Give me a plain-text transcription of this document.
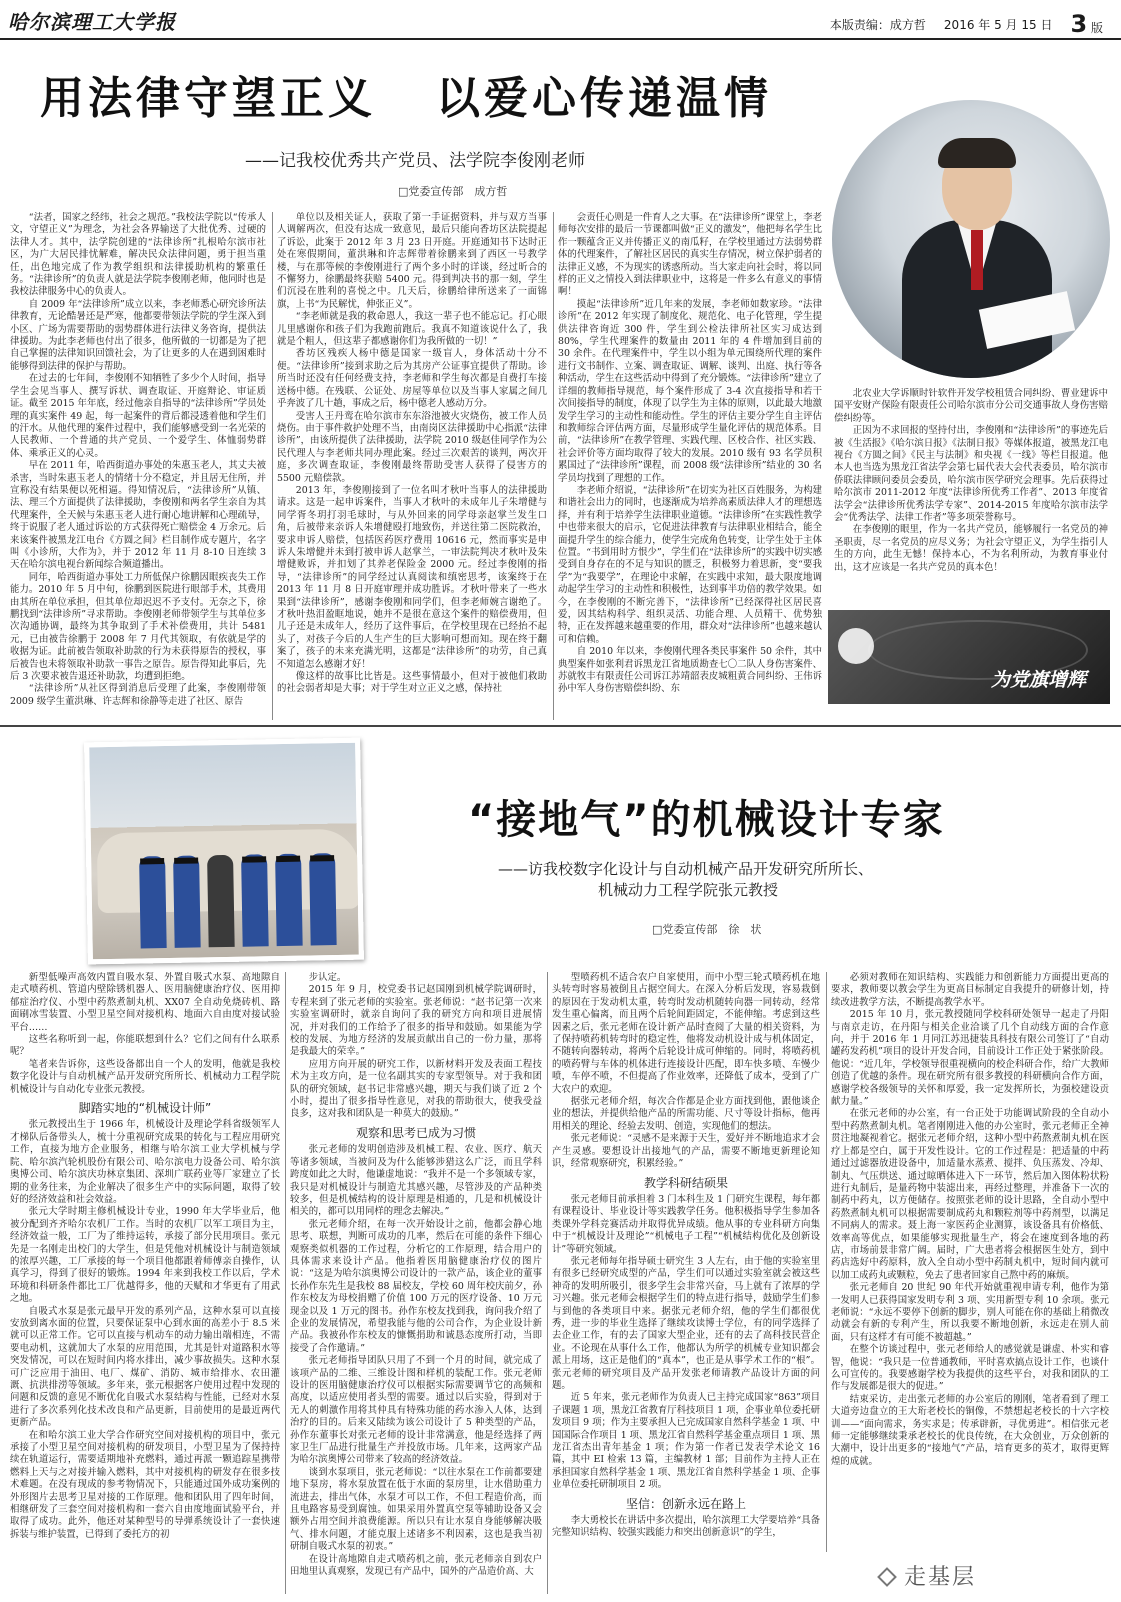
哈尔滨理工大学报	本版责编：成方哲 2016 年 5 月 15 日 3 版
用法律守望正义 以爱心传递温情
——记我校优秀共产党员、法学院李俊刚老师
□党委宣传部　成方哲

“法者，国家之经纬，社会之规范。”我校法学院以“传承人文，守望正义”为理念，为社会各界输送了大批优秀、过硬的法律人才。其中，法学院创建的“法律诊所”扎根哈尔滨市社区，为广大居民排忧解难，解决民众法律问题，勇于担当重任，出色地完成了作为教学组织和法律援助机构的繁重任务。“法律诊所”的负责人就是法学院李俊刚老师，他同时也是我校法律服务中心的负责人。

自 2009 年“法律诊所”成立以来，李老师悉心研究诊所法律教育，无论酷暑还是严寒，他都要带领法学院的学生深入到小区、广场为需要帮助的弱势群体进行法律义务咨询，提供法律援助。为此李老师也付出了很多，他所做的一切都是为了把自己掌握的法律知识回馈社会，为了让更多的人在遇到困难时能够得到法律的保护与帮助。

在过去的七年间，李俊刚不知牺牲了多少个人时间，指导学生会见当事人、撰写诉状、调查取证、开庭辩论、审证质证。截至 2015 年年底，经过他亲自指导的“法律诊所”学员处理的真实案件 49 起，每一起案件的背后都浸透着他和学生们的汗水。从他代理的案件过程中，我们能够感受到一名光荣的人民教师、一个普通的共产党员、一个爱学生、体恤弱势群体、乘承正义的心灵。

早在 2011 年，哈西街道办事处的朱惠玉老人，其丈夫被杀害，当时朱惠玉老人的情绪十分不稳定，并且居无住所，并宣称没有结果便以死相逼。得知情况后，“法律诊所”从镇、法、理三个方面提供了法律援助，李俊刚和两名学生亲自为其代理案件，全天候与朱惠玉老人进行耐心地讲解和心理疏导，终于说服了老人通过诉讼的方式获得死亡赔偿金 4 万余元。后来该案件被黑龙江电台《方圆之间》栏目制作成专题片，名字叫《小诊所，大作为》，并于 2012 年 11 月 8-10 日连续 3 天在哈尔滨电视台新闻综合频道播出。

同年，哈西街道办事处工力所低保户徐鹏因眼疾丧失工作能力。2010 年 5 月中旬，徐鹏到医院进行眼部手术，其费用由其所在单位承担，但其单位却迟迟不予支付。无奈之下，徐鹏找到“法律诊所”寻求帮助。李俊刚老师带领学生与其单位多次沟通协调，最终为其争取到了手术补偿费用，共计 5481 元，已由被告徐鹏于 2008 年 7 月代其领取，有依就是学的收据为证。此前被告领取补助款的行为未获得原告的授权，事后被告也未将领取补助款一事告之原告。原告得知此事后，先后 3 次要求被告退还补助款，均遭到拒绝。

“法律诊所”从社区得到消息后受理了此案，李俊刚带领 2009 级学生董洪琳、许志辉和徐静等走进了社区、原告

单位以及相关证人，获取了第一手证据资料，并与双方当事人调解两次，但没有达成一致意见，最后只能向香坊区法院提起了诉讼，此案于 2012 年 3 月 23 日开庭。开庭通知书下达时正处在寒假期间，董洪琳和许志辉带着徐鹏来到了西区一号教学楼，与在那等候的李俊刚进行了两个多小时的详谈，经过昕合的不懈努力，徐鹏最终获赔 5400 元。得到判决书的那一刻，学生们沉浸在胜利的喜悦之中。几天后，徐鹏给律所送来了一面锦旗，上书“为民解忧，伸张正义”。

“李老师就是我的救命恩人，我这一辈子也不能忘记。打心眼儿里感谢你和孩子们为我跑前跑后。我真不知道该说什么了，我就是个粗人，但这辈子都感谢你们为我所做的一切！”

香坊区残疾人杨中德是国家一级盲人，身体活动十分不便。“法律诊所”接到求助之后为其房产公证事宜提供了帮助。诊所当时还没有任何经费支持，李老师和学生每次都是自费打车接送杨中德。在残联、公证处、房屋等单位以及当事人家属之间几乎奔波了几十趟，事成之后，杨中德老人感动万分。

受害人王丹鸾在哈尔滨市东东浴池被火灾烧伤，被工作人员烧伤。由于事件救护处理不当，由南岗区法律援助中心指派“法律诊所”，由该所提供了法律援助，法学院 2010 级赵佳同学作为公民代理人与李老师共同办理此案。经过三次艰苦的谈判，两次开庭，多次调查取证，李俊刚最终帮助受害人获得了侵害方的 5500 元赔偿款。

2013 年，李俊刚接到了一位名叫才秋叶当事人的法律援助请求。这是一起申诉案件，当事人才秋叶的未成年儿子朱增健与同学胥冬玥打羽毛球时，与从外回来的同学母亲赵掌兰发生口角，后被带来亲诉人朱增健殴打地致伤，并送往第二医院救治，要求申诉人赔偿，包括医药医疗费用 10616 元，然而事实是申诉人朱增健并未到打被申诉人赵掌兰，一审法院判决才秋叶及朱增健败诉，并扣划了其养老保险金 2000 元。经过李俊刚的指导，“法律诊所”的同学经过认真阅读和缜密思考，该案终于在 2013 年 11 月 8 日开庭审理并成功胜诉。才秋叶带来了一些水果到“法律诊所”，感谢李俊刚和同学们，但李老师婉言谢绝了。才秋叶热泪盈眶地说，她并不是很在意这个案件的赔偿费用，但儿子还是未成年人，经历了这件事后，在学校里现在已经抬不起头了，对孩子今后的人生产生的巨大影响可想而知。现在终于翻案了，孩子的未来充满光明，这都是“法律诊所”的功劳，自己真不知道怎么感谢才好！

像这样的故事比比皆是。这些事情最小，但对于被他们救助的社会弱者却是大事；对于学生对立正义之感，保持社

会责任心则是一件育人之大事。在“法律诊所”课堂上，李老师每次安排的最后一节课都叫做“正义的激发”，他把每名学生比作一颗蕴含正义并传播正义的南瓜籽，在学校里通过方法弱势群体的代理案件，了解社区居民的真实生存情况，树立保护弱者的法律正义感，不为现实的诱惑所动。当大家走向社会时，将以同样的正义之情投入到法律职业中，这将是一件多么有意义的事情啊！

摸起“法律诊所”近几年来的发展，李老师如数家珍。“法律诊所”在 2012 年实现了制度化、规范化、电子化管理，学生提供法律咨询近 300 件，学生到公检法律所社区实习成达到 80%，学生代理案件的数量由 2011 年的 4 件增加到目前的 30 余件。在代理案件中，学生以小组为单元围绕所代理的案件进行文书制作、立案、调查取证、调解、谈判、出庭、执行等各种活动，学生在这些活动中得到了充分锻炼。“法律诊所”建立了详细的教师指导规范，每个案件形成了 3-4 次直接指导和若干次间接指导的制度，体现了以学生为主体的原则，以此最大地激发学生学习的主动性和能动性。学生的评估主要分学生自主评估和教师综合评估两方面，尽量形成学生量化评估的规范体系。目前，“法律诊所”在教学管理、实践代理、区校合作、社区实践、社会评价等方面均取得了较大的发展。2010 级有 93 名学员积累国过了“法律诊所”课程，而 2008 级“法律诊所”结业的 30 名学员均找到了理想的工作。

李老师介绍说，“法律诊所”在切实为社区百姓服务，为构建和谐社会出力的同时，也逐渐成为培养高素质法律人才的理想选择，并有利于培养学生法律职业道德。“法律诊所”在实践性教学中也带来很大的启示，它促进法律教育与法律职业相结合，能全面提升学生的综合能力，使学生完成角色转变，让学生处于主体位置。“书到用时方恨少”，学生们在“法律诊所”的实践中切实感受到自身存在的不足与知识的匮乏，积极努力着思新，变“要我学”为“我要学”，在理论中求解，在实践中求知，最大限度地调动起学生学习的主动性和积极性，达到事半功倍的教学效果。如今，在李俊刚的不断完善下，“法律诊所”已经深得社区居民喜爱，因其结构科学、组织灵活、功能合理、人员精干、优势独特，正在发挥越来越重要的作用，群众对“法律诊所”也越来越认可和信赖。

自 2010 年以来，李俊刚代理各类民事案件 50 余件，其中典型案件如张利君诉黑龙江省地质勘查七〇二队人身伤害案件、苏就牧丰有限责任公司诉江苏靖韶表皮城粗黄合同纠纷、王伟诉孙中军人身伤害赔偿纠纷、东

北农业大学诉顺时针软件开发学校租赁合同纠纷、曹业建诉中国平安财产保险有限责任公司哈尔滨市分公司交通事故人身伤害赔偿纠纷等。

正因为不求回报的坚持付出，李俊刚和“法律诊所”的事迹先后被《生活报》《哈尔滨日报》《法制日报》等媒体报道，被黑龙江电视台《方圆之间》《民主与法制》和央视《一线》等栏目报道。他本人也当选为黑龙江省法学会第七届代表大会代表委员，哈尔滨市侨联法律顾问委员会委员，哈尔滨市医学研究会理事。先后获得过哈尔滨市 2011-2012 年度“法律诊所优秀工作者”、2013 年度省法学会“法律诊所优秀法学专家”、2014-2015 年度哈尔滨市法学会“优秀法学、法律工作者”等多项荣誉称号。

在李俊刚的眼里，作为一名共产党员，能够履行一名党员的神圣职责，尽一名党员的应尽义务；为社会守望正义，为学生指引人生的方向，此生无憾！保持本心，不为名利所动，为教育事业付出，这才应该是一名共产党员的真本色！

为党旗增辉
“接地气”的机械设计专家
——访我校数字化设计与自动机械产品开发研究所所长、
机械动力工程学院张元教授
□党委宣传部　徐　状

新型低噪声高效内置自吸水泵、外置自吸式水泵、高地隙自走式喷药机、管道内壁除锈机器人、医用脑健康治疗仪、医用抑郁症治疗仪、小型中药熬煮制丸机、XX07 全自动免烧砖机、路面刷冰雪装置、小型卫星空间对接机构、地面六自由度对接试验平台……

这些名称听到一起，你能联想到什么？它们之间有什么联系呢？

笔者来告诉你，这些设备都出自一个人的发明，他就是我校数字化设计与自动机械产品开发研究所所长、机械动力工程学院机械设计与自动化专业张元教授。

脚踏实地的“机械设计师”

张元教授出生于 1966 年，机械设计及理论学科省级领军人才梯队后备带头人，梳十分重视研究成果的转化与工程应用研究工作，直接为地方企业服务，相继与哈尔滨工业大学机械与学院、哈尔滨汽轮机股份有限公司、哈尔滨电力设备公司、哈尔滨奥博公司、哈尔滨庆功林京集团、深圳广联药业等厂家建立了长期的业务往来，为企业解决了很多生产中的实际问题，取得了较好的经济效益和社会效益。

张元大学时期主修机械设计专业，1990 年大学毕业后，他被分配到齐齐哈尔农机厂工作。当时的农机厂以军工项目为主，经济效益一般，工厂为了维持运转，承接了部分民用项目。张元先是一名刚走出校门的大学生，但是凭他对机械设计与制造领域的浓厚兴趣，工厂承接的每一个项目他都跟着师傅亲自操作，认真学习，得到了很好的锻炼。1994 年来到我校工作以后，学术环境和科研条件都比工厂优越得多，他的天赋和才华更有了用武之地。

自吸式水泵是张元最早开发的系列产品，这种水泵可以直接安放到离水面的位置，只要保证泵中心到水面的高差小于 8.5 米就可以正常工作。它可以直接与机动车的动力输出端相连，不需要电动机，这就加大了水泵的应用范围，尤其是针对道路积水等突发情况，可以在短时间内将水排出，减少事故损失。这种水泵可广泛应用于油田、电厂、煤矿、消防、城市给排水、农田灌溉、抗洪排涝等领域。多年来，张元根据客户使用过程中发现的问题和反馈的意见不断优化自吸式水泵结构与性能，已经对水泵进行了多次系列化技术改良和产品更新，目前使用的是最近两代更新产品。

在和哈尔滨工业大学合作研究空间对接机构的项目中，张元承接了小型卫星空间对接机构的研发项目，小型卫星为了保持持续在轨道运行，需要适期地补充燃料，通过再派一颗追踪星携带燃料上天与之对接并输入燃料，其中对接机构的研发存在很多技术难题。在没有现成的参考物情况下，只能通过国外成功案例的外形图片去思考卫星对接的工作原理。他和团队用了四年时间，相继研发了三套空间对接机构和一套六自由度地面试验平台，并取得了成功。此外，他还对某种型号的导弹系统设计了一套快速拆装与维护装置，已得到了委托方的初

步认定。

2015 年 9 月，校党委书记赵国刚到机械学院调研时，专程来到了张元老师的实验室。张老师说：“赵书记第一次来实验室调研时，就亲自询问了我的研究方向和项目进展情况，并对我们的工作给予了很多的指导和鼓励。如果能为学校的发展、为地方经济的发展贡献出自己的一份力量，那将是我最大的荣幸。”

应用方向开展的研究工作，以新材料开发及表面工程技术为主攻方向，是一位名副其实的专家型领导。对于我和团队的研究领域，赵书记非常感兴趣，期天与我们谈了近 2 个小时，提出了很多指导性意见，对我的帮助很大，使我受益良多，这对我和团队是一种莫大的鼓励。”

观察和思考已成为习惯

张元老师的发明创造涉及机械工程、农业、医疗、航天等诸多领域，当被问及为什么能够涉猎这么广泛，而且学科跨度如此之大时，他谦虚地说：“我并不是一个多领域专家，我只是对机械设计与制造尤其感兴趣，尽管涉及的产品种类较多，但是机械结构的设计原理是相通的，几是和机械设计相关的，都可以用同样的理念去解决。”

张元老师介绍，在每一次开始设计之前，他都会静心地思考、联想，判断可成功的几率，然后在可能的条件下细心观察类似机器的工作过程，分析它的工作原理，结合用户的具体需求来设计产品。他指着医用脑健康治疗仪的图片说：“这是为哈尔滨奥博公司设计的一款产品，该企业的董事长孙作东先生是我校 88 届校友，学校 60 周年校庆前夕，孙作东校友为母校捐赠了价值 100 万元的医疗设备、10 万元现金以及 1 万元的图书。孙作东校友找到我，询问我介绍了企业的发展情况，希望我能与他的公司合作，为企业设计新产品。我被孙作东校友的慷慨捐助和诚恳态度所打动，当即接受了合作邀请。”

张元老师指导团队只用了不到一个月的时间，就完成了该项产品的二维、三维设计图和样机的装配工作。张元老师设计的医用脑健康治疗仪可以根据实际需要调节它的高频和高度，以适应使用者头型的需要。通过以后实验，得到对于无人的刺激作用将其仲具有特殊功能的药水渗入人体，达到治疗的目的。后来又陆续为该公司设计了 5 种类型的产品，孙作东董事长对张元老师的设计非常满意，他是经选择了两家卫生厂品进行批量生产并投放市场。几年来，这两家产品为哈尔滨奥博公司带来了较高的经济效益。

谈到水泵项目，张元老师说：“以往水泵在工作前都要建地下泵房，将水泵放置在低于水面的泵房里，让水借助重力流进去，排出气体，水泵才可以工作，不但工程造价高，而且电路容易受到腐蚀。如果采用外置真空泵等辅助设备又会额外占用空间并浪费能源。所以只有让水泵自身能够解决吸气、排水问题，才能克服上述诸多不利因素，这也是我当初研制自吸式水泵的初衷。”

在设计高地隙自走式喷药机之前，张元老师亲自到农户田地里认真观察，发现已有产品中，国外的产品造价高、大

型喷药机不适合农户自家使用，而中小型三轮式喷药机在地头转弯时容易被倒且占据空间大。在深入分析后发现，容易栽倒的原因在于发动机太重，转弯时发动机随转向器一同转动，经常发生重心偏离，而且两个后轮间距固定，不能伸缩。考虑到这些因素之后，张元老师在设计新产品时查阅了大量的相关资料，为了保持喷药机转弯时的稳定性，他将发动机设计成与机体固定，不随转向器转动，将两个后轮设计成可伸缩的。同时，将喷药机的喷药臂与车体的机体进行连接设计匹配，即车快多喷、车慢少喷，车停不喷，不但提高了作业效率，还降低了成本，受到了广大农户的欢迎。

据张元老师介绍，每次合作都是企业方面找到他，跟他谈企业的想法，并提供给他产品的所需功能、尺寸等设计指标，他再用相关的理论、经验去发明、创造，实现他们的想法。

张元老师说：“灵感不是来源于天生，爱好并不断地追求才会产生灵感。要想设计出接地气的产品，需要不断地更新理论知识，经常观察研究，积累经验。”

教学科研结硕果

张元老师目前承担着 3 门本科生及 1 门研究生课程，每年都有课程设计、毕业设计等实践教学任务。他积极指导学生参加各类课外学科竞赛活动并取得优异成绩。他从事的专业科研方向集中于“机械设计及理论”“机械电子工程”“机械结构优化及创新设计”等研究领域。

张元老师每年指导硕士研究生 3 人左右，由于他的实验室里有很多已经研究成型的产品，学生们可以通过实验室就会被这些神奇的发明所吸引，很多学生会非常兴奋，马上就有了浓厚的学习兴趣。张元老师会根据学生们的特点进行指导，鼓励学生们参与到他的各类项目中来。据张元老师介绍，他的学生们都很优秀，进一步的毕业生选择了继续攻读博士学位，有的同学选择了去企业工作，有的去了国家大型企业，还有的去了高科技民营企业。不论现在从事什么工作，他都认为所学的机械专业知识都会派上用场，这正是他们的“真本”，也正是从事学术工作的“根”。张元老师的研究项目及产品开发张老师请教产品设计方面的问题。

近 5 年来，张元老师作为负责人已主持完成国家“863”项目子课题 1 项，黑龙江省教育厅科技项目 1 项，企事业单位委托研发项目 9 项；作为主要承担人已完成国家自然科学基金 1 项、中国国际合作项目 1 项、黑龙江省自然科学基金重点项目 1 项、黑龙江省杰出青年基金 1 项；作为第一作者已发表学术论文 16 篇，其中 EI 检索 13 篇，主编教材 1 部；目前作为主持人正在承担国家自然科学基金 1 项、黑龙江省自然科学基金 1 项、企事业单位委托研制项目 2 项。

坚信：创新永远在路上

李大勇校长在讲话中多次提出，哈尔滨理工大学要培养“具备完整知识结构、较强实践能力和突出创新意识”的学生，

必须对教师在知识结构、实践能力和创新能力方面提出更高的要求，教师要以教会学生为更高目标制定自我提升的研修计划，持续改进教学方法，不断提高教学水平。

2015 年 10 月，张元教授随同学校科研处领导一起走了丹阳与南京走访，在丹阳与相关企业洽谈了几个自动线方面的合作意向，并于 2016 年 1 月同江苏迅捷装具科技有限公司签订了“自动罐药发药机”项目的设计开发合同，目前设计工作正处于紧张阶段。他说：“近几年，学校领导很重视横向的校企科研合作，给广大教师创造了优越的条件。现在研究所有很多教授的科研横向合作方面，感谢学校各级领导的关怀和厚爱，我一定发挥所长，为强校建设贡献力量。”

在张元老师的办公室，有一台正处于功能调试阶段的全自动小型中药熬煮制丸机。笔者刚刚进入他的办公室时，张元老师正全神贯注地凝视着它。据张元老师介绍，这种小型中药熬煮制丸机在医疗上都是空白，属于开发性设计。它的工作过程是：把适量的中药通过过滤器放进设备中，加适量水蒸煮、搅拌、负压蒸发、冷却、制丸、气压烘送、通过晾晒体进入下一环节，然后加入图体粉状粉进行丸制后，是量药物中装滤出来，再经过整理，并准备下一次的制药中药丸，以方便储存。按照张老师的设计思路，全自动小型中药熬煮制丸机可以根据需要制成药丸和颗粒剂等中药剂型，以满足不同病人的需求。聂上海一家医药企业测算，该设备具有价格低、效率高等优点，如果能够实现批量生产，将会在速度到各地的药店，市场前景非常广阔。届时，广大患者将会根据医生处方，到中药店选好中药原料，放入全自动小型中药制丸机中，短时间内就可以加工成药丸或颗粒，免去了患者回家自己熬中药的麻烦。

张元老师自 20 世纪 90 年代开始就重视申请专利，他作为第一发明人已获得国家发明专利 3 项、实用新型专利 10 余项。张元老师说：“永远不要停下创新的脚步，别人可能在你的基础上稍微改动就会有新的专利产生，所以我要不断地创新，永远走在别人前面，只有这样才有可能不被超越。”

在整个访谈过程中，张元老师给人的感觉就是谦虚、朴实和睿智，他说：“我只是一位普通教师，平时喜欢搞点设计工作，也谈什么可宣传的。我要感谢学校为我提供的这些平台，对我和团队的工作与发展都是很大的促进。”

结束采访，走出张元老师的办公室后的刚刚，笔者看到了理工大道旁边盘立的王大珩老校长的铜像，不禁想起老校长的十六字校训——“面向需求，务实求是；传承辟新，寻优勇进”。相信张元老师一定能够继续秉承老校长的优良传统，在大众创业，万众创新的大潮中，设计出更多的“接地气”产品，培育更多的英才，取得更辉煌的成就。

走基层
